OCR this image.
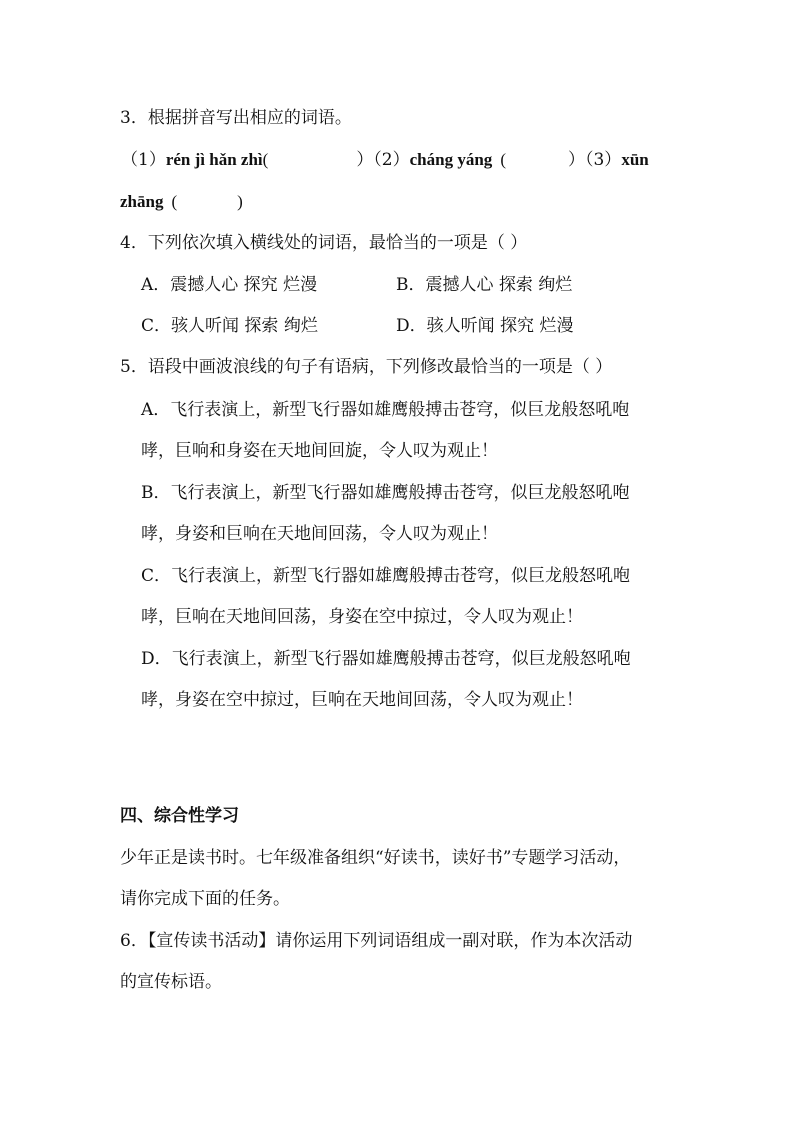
3．根据拼音写出相应的词语。
（1）rén jì hǎn zhì(	）（2）cháng yáng (	）（3）xūn
zhāng (	)
4．下列依次填入横线处的词语，最恰当的一项是（ ）
A．震撼人心 探究 烂漫	B．震撼人心 探索 绚烂
C．骇人听闻 探索 绚烂	D．骇人听闻 探究 烂漫
5．语段中画波浪线的句子有语病，下列修改最恰当的一项是（ ）
A．飞行表演上，新型飞行器如雄鹰般搏击苍穹，似巨龙般怒吼咆
哮，巨响和身姿在天地间回旋，令人叹为观止！
B．飞行表演上，新型飞行器如雄鹰般搏击苍穹，似巨龙般怒吼咆
哮，身姿和巨响在天地间回荡，令人叹为观止！
C．飞行表演上，新型飞行器如雄鹰般搏击苍穹，似巨龙般怒吼咆
哮，巨响在天地间回荡，身姿在空中掠过，令人叹为观止！
D．飞行表演上，新型飞行器如雄鹰般搏击苍穹，似巨龙般怒吼咆
哮，身姿在空中掠过，巨响在天地间回荡，令人叹为观止！
四、综合性学习
少年正是读书时。七年级准备组织“好读书，读好书”专题学习活动，
请你完成下面的任务。
6．【宣传读书活动】请你运用下列词语组成一副对联，作为本次活动
的宣传标语。
